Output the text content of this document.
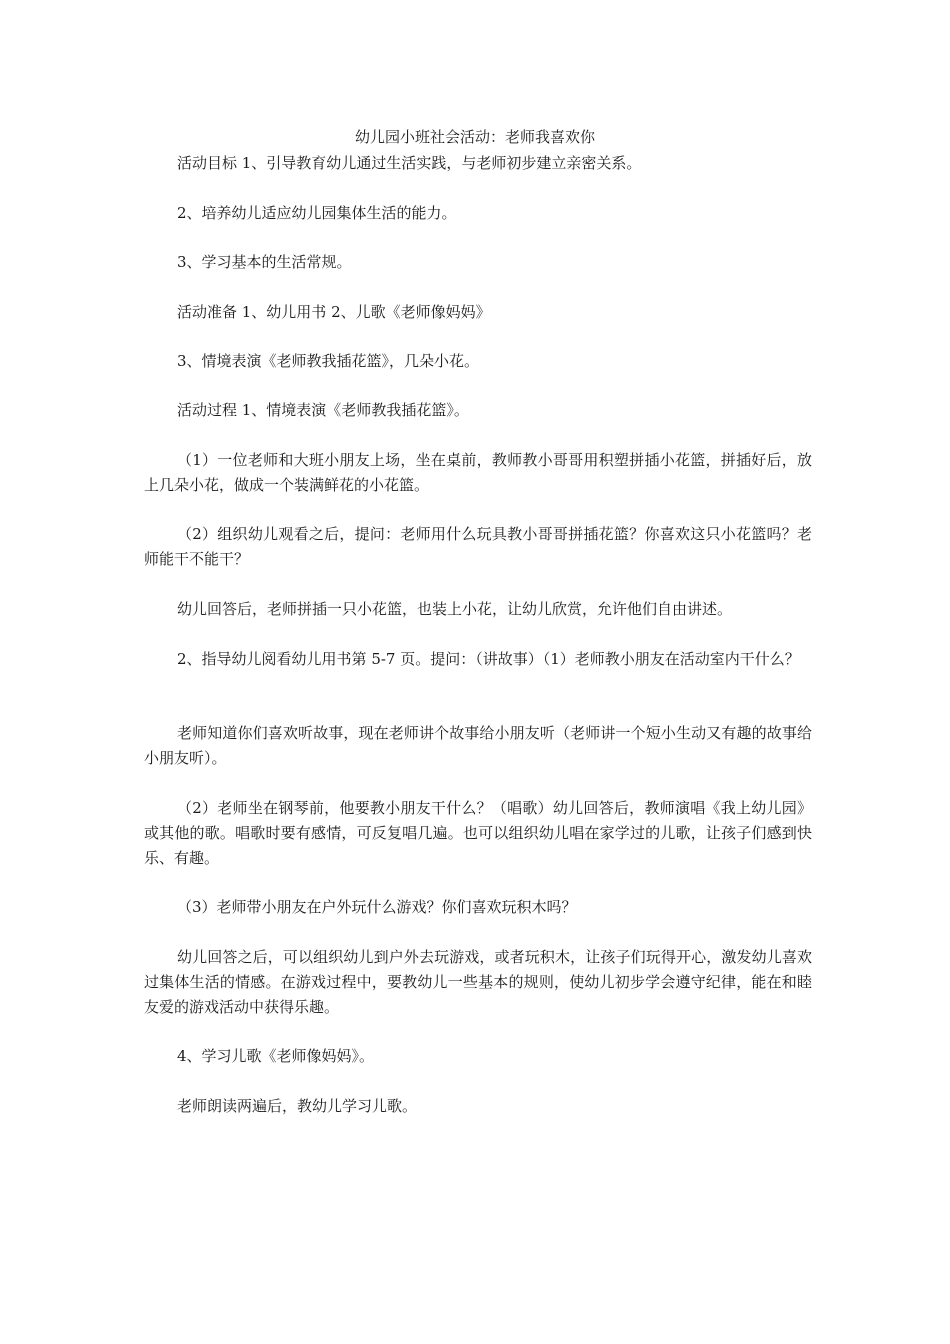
幼儿园小班社会活动：老师我喜欢你

活动目标 1、引导教育幼儿通过生活实践，与老师初步建立亲密关系。

2、培养幼儿适应幼儿园集体生活的能力。

3、学习基本的生活常规。

活动准备 1、幼儿用书 2、儿歌《老师像妈妈》

3、情境表演《老师教我插花篮》，几朵小花。

活动过程 1、情境表演《老师教我插花篮》。

（1）一位老师和大班小朋友上场，坐在桌前，教师教小哥哥用积塑拼插小花篮，拼插好后，放上几朵小花，做成一个装满鲜花的小花篮。

（2）组织幼儿观看之后，提问：老师用什么玩具教小哥哥拼插花篮？你喜欢这只小花篮吗？老师能干不能干？

幼儿回答后，老师拼插一只小花篮，也装上小花，让幼儿欣赏，允许他们自由讲述。

2、指导幼儿阅看幼儿用书第 5-7 页。提问：（讲故事）（1）老师教小朋友在活动室内干什么？

老师知道你们喜欢听故事，现在老师讲个故事给小朋友听（老师讲一个短小生动又有趣的故事给小朋友听）。

（2）老师坐在钢琴前，他要教小朋友干什么？（唱歌）幼儿回答后，教师演唱《我上幼儿园》或其他的歌。唱歌时要有感情，可反复唱几遍。也可以组织幼儿唱在家学过的儿歌，让孩子们感到快乐、有趣。

（3）老师带小朋友在户外玩什么游戏？你们喜欢玩积木吗？

幼儿回答之后，可以组织幼儿到户外去玩游戏，或者玩积木，让孩子们玩得开心，激发幼儿喜欢过集体生活的情感。在游戏过程中，要教幼儿一些基本的规则，使幼儿初步学会遵守纪律，能在和睦友爱的游戏活动中获得乐趣。

4、学习儿歌《老师像妈妈》。

老师朗读两遍后，教幼儿学习儿歌。
